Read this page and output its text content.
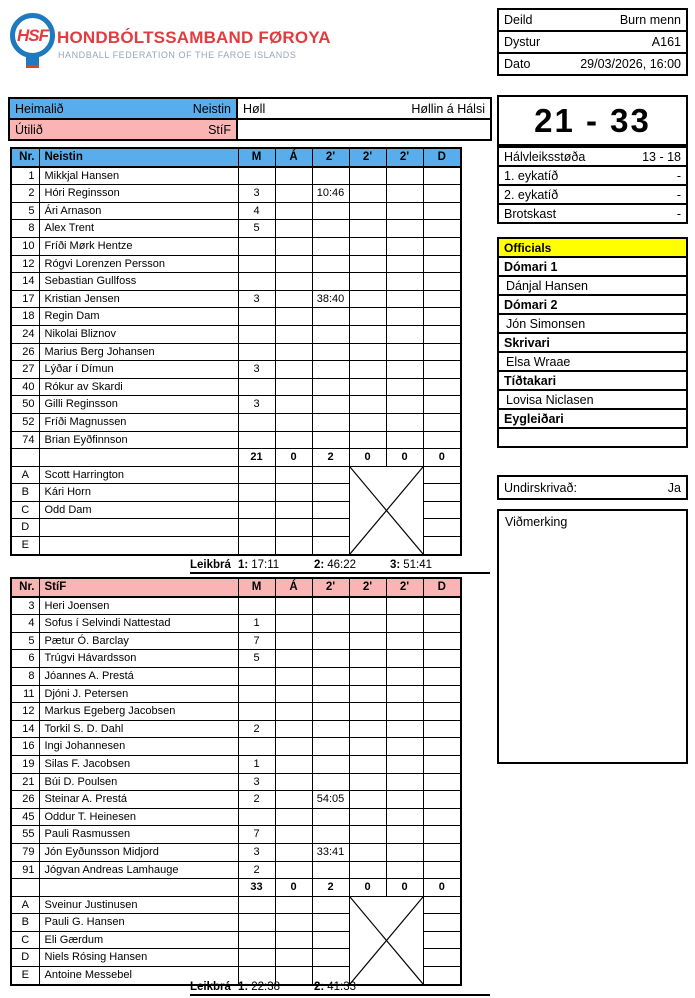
HSF HONDBÓLTSSAMBAND FØROYA
HANDBALL FEDERATION OF THE FAROE ISLANDS
Deild	Burn menn
Dystur	A161
Dato	29/03/2026, 16:00
Heimalið Neistin	Høll Høllin á Hálsi

Útilið StíF	

Nr.	Neistin	M	Á	2'	2'	2'	D
1	Mikkjal Hansen						
2	Hóri Reginsson	3		10:46			
5	Ári Arnason	4					
8	Alex Trent	5					
10	Fríði Mørk Hentze						
12	Rógvi Lorenzen Persson						
14	Sebastian Gullfoss						
17	Kristian Jensen	3		38:40			
18	Regin Dam						
24	Nikolai Bliznov						
26	Marius Berg Johansen						
27	Lýðar í Dímun	3					
40	Rókur av Skardi						
50	Gilli Reginsson	3					
52	Fríði Magnussen						
74	Brian Eyðfinnson						
		21	0	2	0	0	0
A	Scott Harrington				

B	Kári Horn						
C	Odd Dam						
D							
E							
Leikbrá 1: 17:11	2: 46:22	3: 51:41
Nr.	StíF	M	Á	2'	2'	2'	D
3	Heri Joensen						
4	Sofus í Selvindi Nattestad	1					
5	Pætur Ó. Barclay	7					
6	Trúgvi Hávardsson	5					
8	Jóannes A. Prestá						
11	Djóni J. Petersen						
12	Markus Egeberg Jacobsen						
14	Torkil S. D. Dahl	2					
16	Ingi Johannesen						
19	Silas F. Jacobsen	1					
21	Búi D. Poulsen	3					
26	Steinar A. Prestá	2		54:05			
45	Oddur T. Heinesen						
55	Pauli Rasmussen	7					
79	Jón Eyðunsson Midjord	3		33:41			
91	Jógvan Andreas Lamhauge	2					
		33	0	2	0	0	0
A	Sveinur Justinusen				

B	Pauli G. Hansen						
C	Eli Gærdum						
D	Niels Rósing Hansen						
E	Antoine Messebel						
Leikbrá 1: 22:38	2: 41:33
21 - 33
Hálvleiksstøða	13 - 18
1. eykatíð	-
2. eykatíð	-
Brotskast	-
Officials
Dómari 1
Dánjal Hansen
Dómari 2
Jón Simonsen
Skrivari
Elsa Wraae
Tíðtakari
Lovisa Niclasen
Eygleiðari
Undirskrivað:	Ja
Viðmerking
